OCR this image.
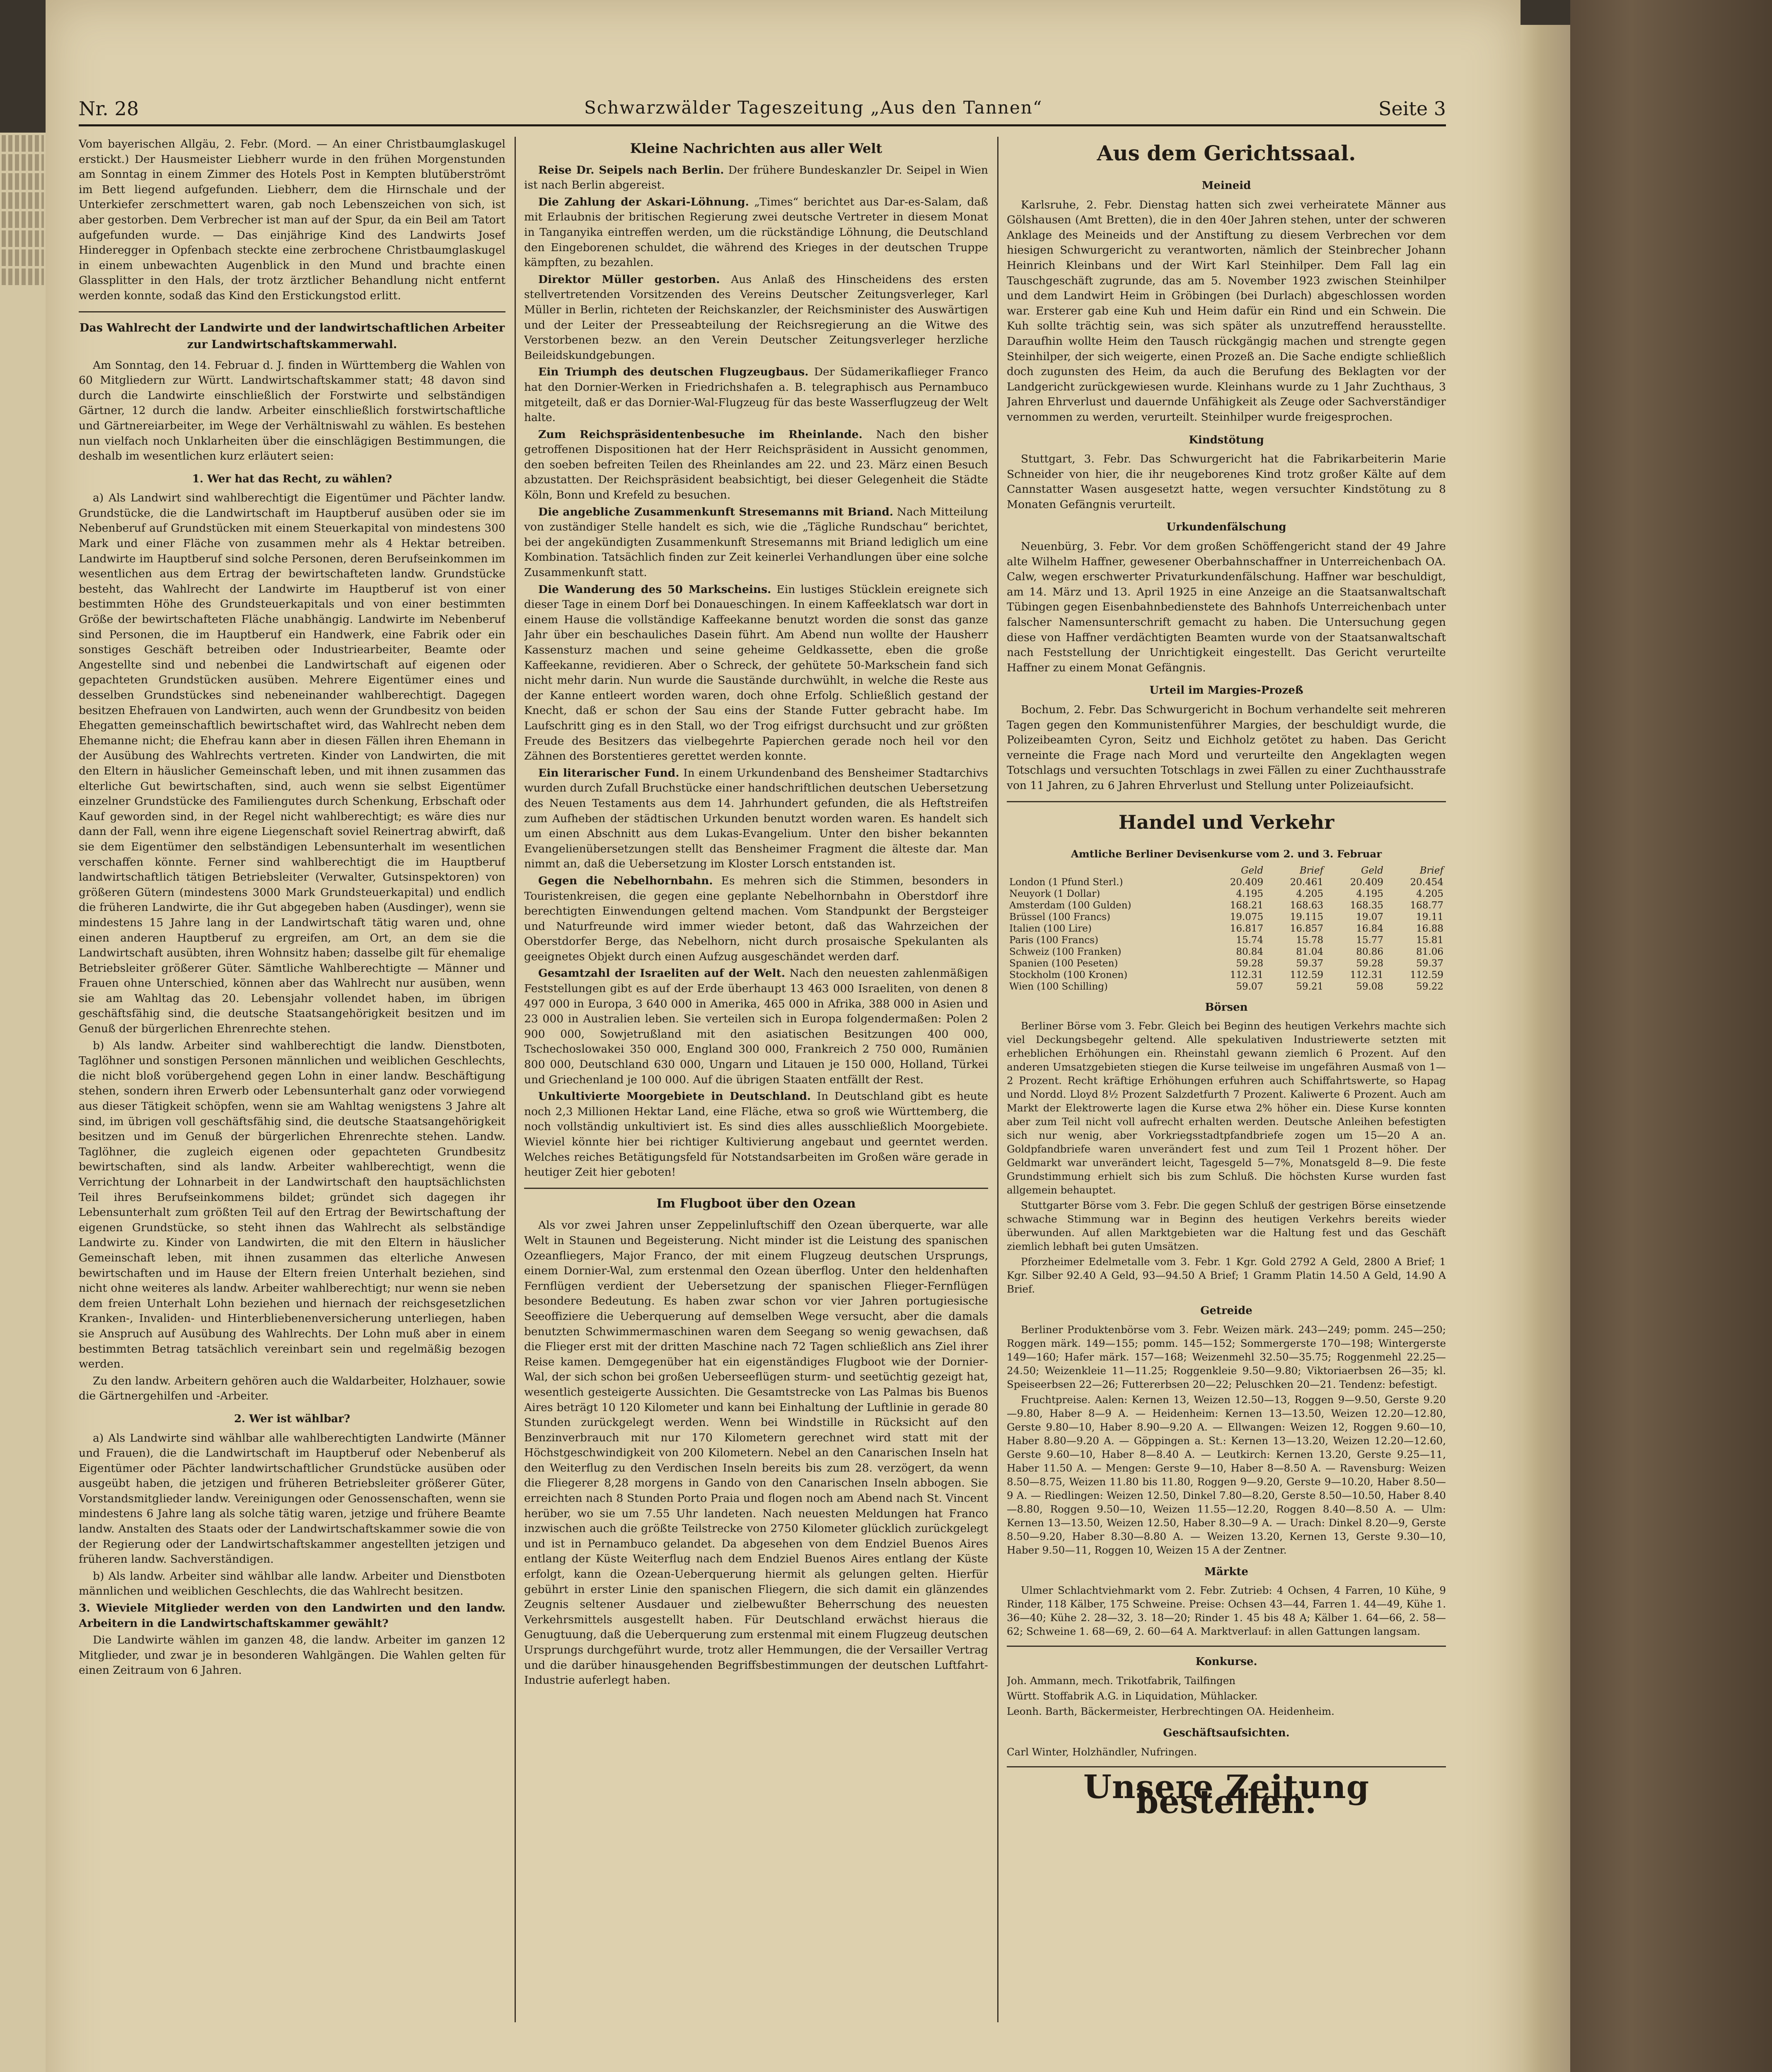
Nr. 28	Schwarzwälder Tageszeitung „Aus den Tannen“	Seite 3

Vom bayerischen Allgäu, 2. Febr. (Mord. — An einer Christbaumglaskugel erstickt.) Der Hausmeister Liebherr wurde in den frühen Morgenstunden am Sonntag in einem Zimmer des Hotels Post in Kempten blutüberströmt im Bett liegend aufgefunden. Liebherr, dem die Hirnschale und der Unterkiefer zerschmettert waren, gab noch Lebenszeichen von sich, ist aber gestorben. Dem Verbrecher ist man auf der Spur, da ein Beil am Tatort aufgefunden wurde. — Das einjährige Kind des Landwirts Josef Hinderegger in Opfenbach steckte eine zerbrochene Christbaumglaskugel in einem unbewachten Augenblick in den Mund und brachte einen Glassplitter in den Hals, der trotz ärztlicher Behandlung nicht entfernt werden konnte, sodaß das Kind den Erstickungstod erlitt.

Das Wahlrecht der Landwirte und der landwirtschaftlichen Arbeiter zur Landwirtschaftskammerwahl.

Am Sonntag, den 14. Februar d. J. finden in Württemberg die Wahlen von 60 Mitgliedern zur Württ. Landwirtschaftskammer statt; 48 davon sind durch die Landwirte einschließlich der Forstwirte und selbständigen Gärtner, 12 durch die landw. Arbeiter einschließlich forstwirtschaftliche und Gärtnereiarbeiter, im Wege der Verhältniswahl zu wählen. Es bestehen nun vielfach noch Unklarheiten über die einschlägigen Bestimmungen, die deshalb im wesentlichen kurz erläutert seien:

1. Wer hat das Recht, zu wählen?

a) Als Landwirt sind wahlberechtigt die Eigentümer und Pächter landw. Grundstücke, die die Landwirtschaft im Hauptberuf ausüben oder sie im Nebenberuf auf Grundstücken mit einem Steuerkapital von mindestens 300 Mark und einer Fläche von zusammen mehr als 4 Hektar betreiben. Landwirte im Hauptberuf sind solche Personen, deren Berufseinkommen im wesentlichen aus dem Ertrag der bewirtschafteten landw. Grundstücke besteht, das Wahlrecht der Landwirte im Hauptberuf ist von einer bestimmten Höhe des Grundsteuerkapitals und von einer bestimmten Größe der bewirtschafteten Fläche unabhängig. Landwirte im Nebenberuf sind Personen, die im Hauptberuf ein Handwerk, eine Fabrik oder ein sonstiges Geschäft betreiben oder Industriearbeiter, Beamte oder Angestellte sind und nebenbei die Landwirtschaft auf eigenen oder gepachteten Grundstücken ausüben. Mehrere Eigentümer eines und desselben Grundstückes sind nebeneinander wahlberechtigt. Dagegen besitzen Ehefrauen von Landwirten, auch wenn der Grundbesitz von beiden Ehegatten gemeinschaftlich bewirtschaftet wird, das Wahlrecht neben dem Ehemanne nicht; die Ehefrau kann aber in diesen Fällen ihren Ehemann in der Ausübung des Wahlrechts vertreten. Kinder von Landwirten, die mit den Eltern in häuslicher Gemeinschaft leben, und mit ihnen zusammen das elterliche Gut bewirtschaften, sind, auch wenn sie selbst Eigentümer einzelner Grundstücke des Familiengutes durch Schenkung, Erbschaft oder Kauf geworden sind, in der Regel nicht wahlberechtigt; es wäre dies nur dann der Fall, wenn ihre eigene Liegenschaft soviel Reinertrag abwirft, daß sie dem Eigentümer den selbständigen Lebensunterhalt im wesentlichen verschaffen könnte. Ferner sind wahlberechtigt die im Hauptberuf landwirtschaftlich tätigen Betriebsleiter (Verwalter, Gutsinspektoren) von größeren Gütern (mindestens 3000 Mark Grundsteuerkapital) und endlich die früheren Landwirte, die ihr Gut abgegeben haben (Ausdinger), wenn sie mindestens 15 Jahre lang in der Landwirtschaft tätig waren und, ohne einen anderen Hauptberuf zu ergreifen, am Ort, an dem sie die Landwirtschaft ausübten, ihren Wohnsitz haben; dasselbe gilt für ehemalige Betriebsleiter größerer Güter. Sämtliche Wahlberechtigte — Männer und Frauen ohne Unterschied, können aber das Wahlrecht nur ausüben, wenn sie am Wahltag das 20. Lebensjahr vollendet haben, im übrigen geschäftsfähig sind, die deutsche Staatsangehörigkeit besitzen und im Genuß der bürgerlichen Ehrenrechte stehen.

b) Als landw. Arbeiter sind wahlberechtigt die landw. Dienstboten, Taglöhner und sonstigen Personen männlichen und weiblichen Geschlechts, die nicht bloß vorübergehend gegen Lohn in einer landw. Beschäftigung stehen, sondern ihren Erwerb oder Lebensunterhalt ganz oder vorwiegend aus dieser Tätigkeit schöpfen, wenn sie am Wahltag wenigstens 3 Jahre alt sind, im übrigen voll geschäftsfähig sind, die deutsche Staatsangehörigkeit besitzen und im Genuß der bürgerlichen Ehrenrechte stehen. Landw. Taglöhner, die zugleich eigenen oder gepachteten Grundbesitz bewirtschaften, sind als landw. Arbeiter wahlberechtigt, wenn die Verrichtung der Lohnarbeit in der Landwirtschaft den hauptsächlichsten Teil ihres Berufseinkommens bildet; gründet sich dagegen ihr Lebensunterhalt zum größten Teil auf den Ertrag der Bewirtschaftung der eigenen Grundstücke, so steht ihnen das Wahlrecht als selbständige Landwirte zu. Kinder von Landwirten, die mit den Eltern in häuslicher Gemeinschaft leben, mit ihnen zusammen das elterliche Anwesen bewirtschaften und im Hause der Eltern freien Unterhalt beziehen, sind nicht ohne weiteres als landw. Arbeiter wahlberechtigt; nur wenn sie neben dem freien Unterhalt Lohn beziehen und hiernach der reichsgesetzlichen Kranken-, Invaliden- und Hinterbliebenenversicherung unterliegen, haben sie Anspruch auf Ausübung des Wahlrechts. Der Lohn muß aber in einem bestimmten Betrag tatsächlich vereinbart sein und regelmäßig bezogen werden.

Zu den landw. Arbeitern gehören auch die Waldarbeiter, Holzhauer, sowie die Gärtnergehilfen und -Arbeiter.

2. Wer ist wählbar?

a) Als Landwirte sind wählbar alle wahlberechtigten Landwirte (Männer und Frauen), die die Landwirtschaft im Hauptberuf oder Nebenberuf als Eigentümer oder Pächter landwirtschaftlicher Grundstücke ausüben oder ausgeübt haben, die jetzigen und früheren Betriebsleiter größerer Güter, Vorstandsmitglieder landw. Vereinigungen oder Genossenschaften, wenn sie mindestens 6 Jahre lang als solche tätig waren, jetzige und frühere Beamte landw. Anstalten des Staats oder der Landwirtschaftskammer sowie die von der Regierung oder der Landwirtschaftskammer angestellten jetzigen und früheren landw. Sachverständigen.

b) Als landw. Arbeiter sind wählbar alle landw. Arbeiter und Dienstboten männlichen und weiblichen Geschlechts, die das Wahlrecht besitzen.

3. Wieviele Mitglieder werden von den Landwirten und den landw. Arbeitern in die Landwirtschaftskammer gewählt?

Die Landwirte wählen im ganzen 48, die landw. Arbeiter im ganzen 12 Mitglieder, und zwar je in besonderen Wahlgängen. Die Wahlen gelten für einen Zeitraum von 6 Jahren.

Kleine Nachrichten aus aller Welt

Reise Dr. Seipels nach Berlin. Der frühere Bundeskanzler Dr. Seipel in Wien ist nach Berlin abgereist.

Die Zahlung der Askari-Löhnung. „Times“ berichtet aus Dar-es-Salam, daß mit Erlaubnis der britischen Regierung zwei deutsche Vertreter in diesem Monat in Tanganyika eintreffen werden, um die rückständige Löhnung, die Deutschland den Eingeborenen schuldet, die während des Krieges in der deutschen Truppe kämpften, zu bezahlen.

Direktor Müller gestorben. Aus Anlaß des Hinscheidens des ersten stellvertretenden Vorsitzenden des Vereins Deutscher Zeitungsverleger, Karl Müller in Berlin, richteten der Reichskanzler, der Reichsminister des Auswärtigen und der Leiter der Pressеabteilung der Reichsregierung an die Witwe des Verstorbenen bezw. an den Verein Deutscher Zeitungsverleger herzliche Beileidskundgebungen.

Ein Triumph des deutschen Flugzeugbaus. Der Südamerikaflieger Franco hat den Dornier-Werken in Friedrichshafen a. B. telegraphisch aus Pernambuco mitgeteilt, daß er das Dornier-Wal-Flugzeug für das beste Wasserflugzeug der Welt halte.

Zum Reichspräsidentenbesuche im Rheinlande. Nach den bisher getroffenen Dispositionen hat der Herr Reichspräsident in Aussicht genommen, den soeben befreiten Teilen des Rheinlandes am 22. und 23. März einen Besuch abzustatten. Der Reichspräsident beabsichtigt, bei dieser Gelegenheit die Städte Köln, Bonn und Krefeld zu besuchen.

Die angebliche Zusammenkunft Stresemanns mit Briand. Nach Mitteilung von zuständiger Stelle handelt es sich, wie die „Tägliche Rundschau“ berichtet, bei der angekündigten Zusammenkunft Stresemanns mit Briand lediglich um eine Kombination. Tatsächlich finden zur Zeit keinerlei Verhandlungen über eine solche Zusammenkunft statt.

Die Wanderung des 50 Markscheins. Ein lustiges Stücklein ereignete sich dieser Tage in einem Dorf bei Donaueschingen. In einem Kaffeeklatsch war dort in einem Hause die vollständige Kaffeekanne benutzt worden die sonst das ganze Jahr über ein beschauliches Dasein führt. Am Abend nun wollte der Hausherr Kassensturz machen und seine geheime Geldkassette, eben die große Kaffeekanne, revidieren. Aber o Schreck, der gehütete 50-Markschein fand sich nicht mehr darin. Nun wurde die Saustände durchwühlt, in welche die Reste aus der Kanne entleert worden waren, doch ohne Erfolg. Schließlich gestand der Knecht, daß er schon der Sau eins der Stande Futter gebracht habe. Im Laufschritt ging es in den Stall, wo der Trog eifrigst durchsucht und zur größten Freude des Besitzers das vielbegehrte Papierchen gerade noch heil vor den Zähnen des Borstentieres gerettet werden konnte.

Ein literarischer Fund. In einem Urkundenband des Bensheimer Stadtarchivs wurden durch Zufall Bruchstücke einer handschriftlichen deutschen Uebersetzung des Neuen Testaments aus dem 14. Jahrhundert gefunden, die als Heftstreifen zum Aufheben der städtischen Urkunden benutzt worden waren. Es handelt sich um einen Abschnitt aus dem Lukas-Evangelium. Unter den bisher bekannten Evangelienübersetzungen stellt das Bensheimer Fragment die älteste dar. Man nimmt an, daß die Uebersetzung im Kloster Lorsch entstanden ist.

Gegen die Nebelhornbahn. Es mehren sich die Stimmen, besonders in Touristenkreisen, die gegen eine geplante Nebelhornbahn in Oberstdorf ihre berechtigten Einwendungen geltend machen. Vom Standpunkt der Bergsteiger und Naturfreunde wird immer wieder betont, daß das Wahrzeichen der Oberstdorfer Berge, das Nebelhorn, nicht durch prosaische Spekulanten als geeignetes Objekt durch einen Aufzug ausgeschändet werden darf.

Gesamtzahl der Israeliten auf der Welt. Nach den neuesten zahlenmäßigen Feststellungen gibt es auf der Erde überhaupt 13 463 000 Israeliten, von denen 8 497 000 in Europa, 3 640 000 in Amerika, 465 000 in Afrika, 388 000 in Asien und 23 000 in Australien leben. Sie verteilen sich in Europa folgendermaßen: Polen 2 900 000, Sowjetrußland mit den asiatischen Besitzungen 400 000, Tschechoslowakei 350 000, England 300 000, Frankreich 2 750 000, Rumänien 800 000, Deutschland 630 000, Ungarn und Litauen je 150 000, Holland, Türkei und Griechenland je 100 000. Auf die übrigen Staaten entfällt der Rest.

Unkultivierte Moorgebiete in Deutschland. In Deutschland gibt es heute noch 2,3 Millionen Hektar Land, eine Fläche, etwa so groß wie Württemberg, die noch vollständig unkultiviert ist. Es sind dies alles ausschließlich Moorgebiete. Wieviel könnte hier bei richtiger Kultivierung angebaut und geerntet werden. Welches reiches Betätigungsfeld für Notstandsarbeiten im Großen wäre gerade in heutiger Zeit hier geboten!

Im Flugboot über den Ozean

Als vor zwei Jahren unser Zeppelinluftschiff den Ozean überquerte, war alle Welt in Staunen und Begeisterung. Nicht minder ist die Leistung des spanischen Ozeanfliegers, Major Franco, der mit einem Flugzeug deutschen Ursprungs, einem Dornier-Wal, zum erstenmal den Ozean überflog. Unter den heldenhaften Fernflügen verdient der Uebersetzung der spanischen Flieger-Fernflügen besondere Bedeutung. Es haben zwar schon vor vier Jahren portugiesische Seeoffiziere die Ueberquerung auf demselben Wege versucht, aber die damals benutzten Schwimmermaschinen waren dem Seegang so wenig gewachsen, daß die Flieger erst mit der dritten Maschine nach 72 Tagen schließlich ans Ziel ihrer Reise kamen. Demgegenüber hat ein eigenständiges Flugboot wie der Dornier-Wal, der sich schon bei großen Ueberseeflügen sturm- und seetüchtig gezeigt hat, wesentlich gesteigerte Aussichten. Die Gesamtstrecke von Las Palmas bis Buenos Aires beträgt 10 120 Kilometer und kann bei Einhaltung der Luftlinie in gerade 80 Stunden zurückgelegt werden. Wenn bei Windstille in Rücksicht auf den Benzinverbrauch mit nur 170 Kilometern gerechnet wird statt mit der Höchstgeschwindigkeit von 200 Kilometern. Nebel an den Canarischen Inseln hat den Weiterflug zu den Verdischen Inseln bereits bis zum 28. verzögert, da wenn die Fliegerer 8,28 morgens in Gando von den Canarischen Inseln abbogen. Sie erreichten nach 8 Stunden Porto Praia und flogen noch am Abend nach St. Vincent herüber, wo sie um 7.55 Uhr landeten. Nach neuesten Meldungen hat Franco inzwischen auch die größte Teilstrecke von 2750 Kilometer glücklich zurückgelegt und ist in Pernambuco gelandet. Da abgesehen von dem Endziel Buenos Aires entlang der Küste Weiterflug nach dem Endziel Buenos Aires entlang der Küste erfolgt, kann die Ozean-Ueberquerung hiermit als gelungen gelten. Hierfür gebührt in erster Linie den spanischen Fliegern, die sich damit ein glänzendes Zeugnis seltener Ausdauer und zielbewußter Beherrschung des neuesten Verkehrsmittels ausgestellt haben. Für Deutschland erwächst hieraus die Genugtuung, daß die Ueberquerung zum erstenmal mit einem Flugzeug deutschen Ursprungs durchgeführt wurde, trotz aller Hemmungen, die der Versailler Vertrag und die darüber hinausgehenden Begriffsbestimmungen der deutschen Luftfahrt-Industrie auferlegt haben.

Aus dem Gerichtssaal.
Meineid

Karlsruhe, 2. Febr. Dienstag hatten sich zwei verheiratete Männer aus Gölshausen (Amt Bretten), die in den 40er Jahren stehen, unter der schweren Anklage des Meineids und der Anstiftung zu diesem Verbrechen vor dem hiesigen Schwurgericht zu verantworten, nämlich der Steinbrecher Johann Heinrich Kleinbans und der Wirt Karl Steinhilper. Dem Fall lag ein Tauschgeschäft zugrunde, das am 5. November 1923 zwischen Steinhilper und dem Landwirt Heim in Gröbingen (bei Durlach) abgeschlossen worden war. Ersterer gab eine Kuh und Heim dafür ein Rind und ein Schwein. Die Kuh sollte trächtig sein, was sich später als unzutreffend herausstellte. Daraufhin wollte Heim den Tausch rückgängig machen und strengte gegen Steinhilper, der sich weigerte, einen Prozeß an. Die Sache endigte schließlich doch zugunsten des Heim, da auch die Berufung des Beklagten vor der Landgericht zurückgewiesen wurde. Kleinhans wurde zu 1 Jahr Zuchthaus, 3 Jahren Ehrverlust und dauernde Unfähigkeit als Zeuge oder Sachverständiger vernommen zu werden, verurteilt. Steinhilper wurde freigesprochen.

Kindstötung

Stuttgart, 3. Febr. Das Schwurgericht hat die Fabrikarbeiterin Marie Schneider von hier, die ihr neugeborenes Kind trotz großer Kälte auf dem Cannstatter Wasen ausgesetzt hatte, wegen versuchter Kindstötung zu 8 Monaten Gefängnis verurteilt.

Urkundenfälschung

Neuenbürg, 3. Febr. Vor dem großen Schöffengericht stand der 49 Jahre alte Wilhelm Haffner, gewesener Oberbahnschaffner in Unterreichenbach OA. Calw, wegen erschwerter Privaturkundenfälschung. Haffner war beschuldigt, am 14. März und 13. April 1925 in eine Anzeige an die Staatsanwaltschaft Tübingen gegen Eisenbahnbedienstete des Bahnhofs Unterreichenbach unter falscher Namensunterschrift gemacht zu haben. Die Untersuchung gegen diese von Haffner verdächtigten Beamten wurde von der Staatsanwaltschaft nach Feststellung der Unrichtigkeit eingestellt. Das Gericht verurteilte Haffner zu einem Monat Gefängnis.

Urteil im Margies-Prozeß

Bochum, 2. Febr. Das Schwurgericht in Bochum verhandelte seit mehreren Tagen gegen den Kommunistenführer Margies, der beschuldigt wurde, die Polizeibeamten Cyron, Seitz und Eichholz getötet zu haben. Das Gericht verneinte die Frage nach Mord und verurteilte den Angeklagten wegen Totschlags und versuchten Totschlags in zwei Fällen zu einer Zuchthausstrafe von 11 Jahren, zu 6 Jahren Ehrverlust und Stellung unter Polizeiaufsicht.

Handel und Verkehr
Amtliche Berliner Devisenkurse vom 2. und 3. Februar
	Geld	Brief	Geld	Brief
London (1 Pfund Sterl.)	20.409	20.461	20.409	20.454
Neuyork (1 Dollar)	4.195	4.205	4.195	4.205
Amsterdam (100 Gulden)	168.21	168.63	168.35	168.77
Brüssel (100 Francs)	19.075	19.115	19.07	19.11
Italien (100 Lire)	16.817	16.857	16.84	16.88
Paris (100 Francs)	15.74	15.78	15.77	15.81
Schweiz (100 Franken)	80.84	81.04	80.86	81.06
Spanien (100 Peseten)	59.28	59.37	59.28	59.37
Stockholm (100 Kronen)	112.31	112.59	112.31	112.59
Wien (100 Schilling)	59.07	59.21	59.08	59.22
Börsen

Berliner Börse vom 3. Febr. Gleich bei Beginn des heutigen Verkehrs machte sich viel Deckungsbegehr geltend. Alle spekulativen Industriewerte setzten mit erheblichen Erhöhungen ein. Rheinstahl gewann ziemlich 6 Prozent. Auf den anderen Umsatzgebieten stiegen die Kurse teilweise im ungefähren Ausmaß von 1—2 Prozent. Recht kräftige Erhöhungen erfuhren auch Schiffahrtswerte, so Hapag und Nordd. Lloyd 8½ Prozent Salzdetfurth 7 Prozent. Kaliwerte 6 Prozent. Auch am Markt der Elektrowerte lagen die Kurse etwa 2% höher ein. Diese Kurse konnten aber zum Teil nicht voll aufrecht erhalten werden. Deutsche Anleihen befestigten sich nur wenig, aber Vorkriegsstadtpfandbriefe zogen um 15—20 A an. Goldpfandbriefe waren unverändert fest und zum Teil 1 Prozent höher. Der Geldmarkt war unverändert leicht, Tagesgeld 5—7%, Monatsgeld 8—9. Die feste Grundstimmung erhielt sich bis zum Schluß. Die höchsten Kurse wurden fast allgemein behauptet.

Stuttgarter Börse vom 3. Febr. Die gegen Schluß der gestrigen Börse einsetzende schwache Stimmung war in Beginn des heutigen Verkehrs bereits wieder überwunden. Auf allen Marktgebieten war die Haltung fest und das Geschäft ziemlich lebhaft bei guten Umsätzen.

Pforzheimer Edelmetalle vom 3. Febr. 1 Kgr. Gold 2792 A Geld, 2800 A Brief; 1 Kgr. Silber 92.40 A Geld, 93—94.50 A Brief; 1 Gramm Platin 14.50 A Geld, 14.90 A Brief.

Getreide

Berliner Produktenbörse vom 3. Febr. Weizen märk. 243—249; pomm. 245—250; Roggen märk. 149—155; pomm. 145—152; Sommergerste 170—198; Wintergerste 149—160; Hafer märk. 157—168; Weizenmehl 32.50—35.75; Roggenmehl 22.25—24.50; Weizenkleie 11—11.25; Roggenkleie 9.50—9.80; Viktoriaerbsen 26—35; kl. Speiseerbsen 22—26; Futtererbsen 20—22; Peluschken 20—21. Tendenz: befestigt.

Fruchtpreise. Aalen: Kernen 13, Weizen 12.50—13, Roggen 9—9.50, Gerste 9.20—9.80, Haber 8—9 A. — Heidenheim: Kernen 13—13.50, Weizen 12.20—12.80, Gerste 9.80—10, Haber 8.90—9.20 A. — Ellwangen: Weizen 12, Roggen 9.60—10, Haber 8.80—9.20 A. — Göppingen a. St.: Kernen 13—13.20, Weizen 12.20—12.60, Gerste 9.60—10, Haber 8—8.40 A. — Leutkirch: Kernen 13.20, Gerste 9.25—11, Haber 11.50 A. — Mengen: Gerste 9—10, Haber 8—8.50 A. — Ravensburg: Weizen 8.50—8.75, Weizen 11.80 bis 11.80, Roggen 9—9.20, Gerste 9—10.20, Haber 8.50—9 A. — Riedlingen: Weizen 12.50, Dinkel 7.80—8.20, Gerste 8.50—10.50, Haber 8.40—8.80, Roggen 9.50—10, Weizen 11.55—12.20, Roggen 8.40—8.50 A. — Ulm: Kernen 13—13.50, Weizen 12.50, Haber 8.30—9 A. — Urach: Dinkel 8.20—9, Gerste 8.50—9.20, Haber 8.30—8.80 A. — Weizen 13.20, Kernen 13, Gerste 9.30—10, Haber 9.50—11, Roggen 10, Weizen 15 A der Zentner.

Märkte

Ulmer Schlachtviehmarkt vom 2. Febr. Zutrieb: 4 Ochsen, 4 Farren, 10 Kühe, 9 Rinder, 118 Kälber, 175 Schweine. Preise: Ochsen 43—44, Farren 1. 44—49, Kühe 1. 36—40; Kühe 2. 28—32, 3. 18—20; Rinder 1. 45 bis 48 A; Kälber 1. 64—66, 2. 58—62; Schweine 1. 68—69, 2. 60—64 A. Marktverlauf: in allen Gattungen langsam.

Konkurse.

Joh. Ammann, mech. Trikotfabrik, Tailfingen

Württ. Stoffabrik A.G. in Liquidation, Mühlacker.

Leonh. Barth, Bäckermeister, Herbrechtingen OA. Heidenheim.

Geschäftsaufsichten.

Carl Winter, Holzhändler, Nufringen.

Unsere Zeitung bestellen.
